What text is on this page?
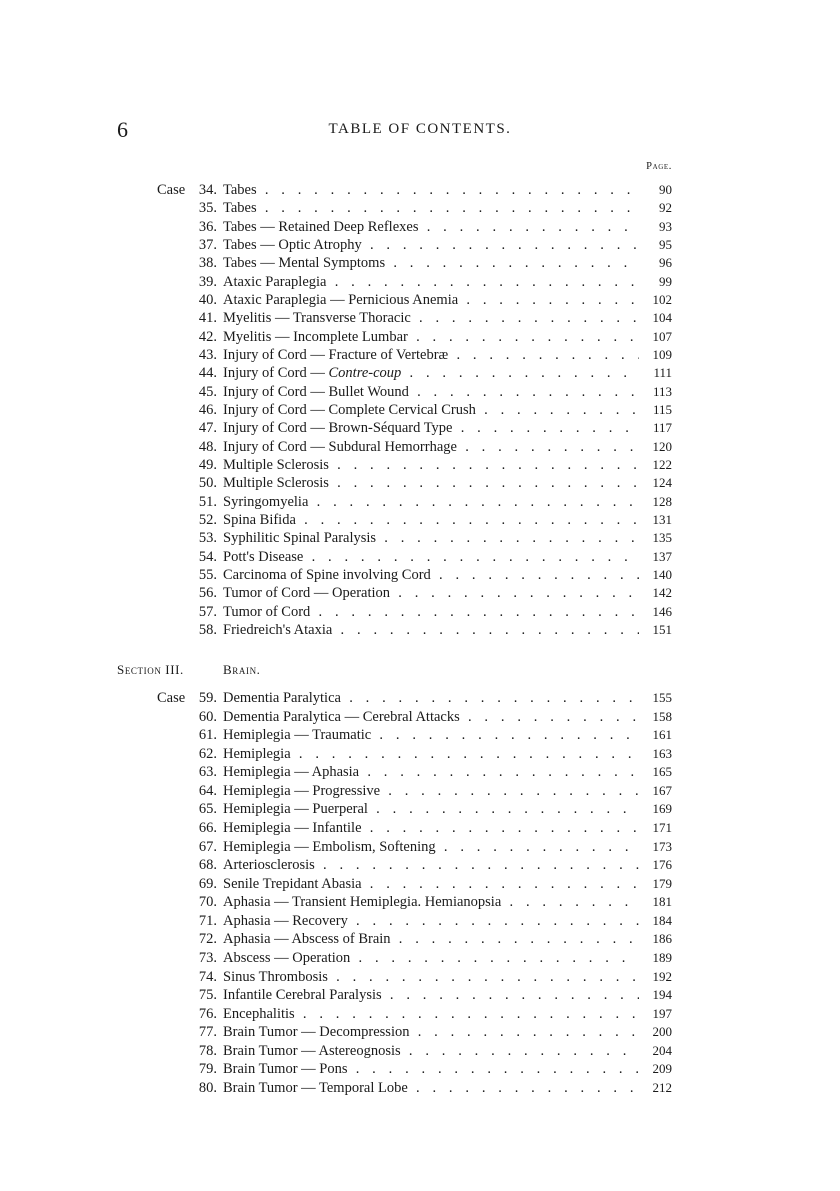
6	TABLE OF CONTENTS.
Page.
Case 34. Tabes . . .	90
35. Tabes . . .	92
36. Tabes — Retained Deep Reflexes . . .	93
37. Tabes — Optic Atrophy . . .	95
38. Tabes — Mental Symptoms . . .	96
39. Ataxic Paraplegia . . .	99
40. Ataxic Paraplegia — Pernicious Anemia . . .	102
41. Myelitis — Transverse Thoracic . . .	104
42. Myelitis — Incomplete Lumbar . . .	107
43. Injury of Cord — Fracture of Vertebræ . . .	109
44. Injury of Cord — Contre-coup . . .	111
45. Injury of Cord — Bullet Wound . . .	113
46. Injury of Cord — Complete Cervical Crush . . .	115
47. Injury of Cord — Brown-Séquard Type . . .	117
48. Injury of Cord — Subdural Hemorrhage . . .	120
49. Multiple Sclerosis . . .	122
50. Multiple Sclerosis . . .	124
51. Syringomyelia . . .	128
52. Spina Bifida . . .	131
53. Syphilitic Spinal Paralysis . . .	135
54. Pott's Disease . . .	137
55. Carcinoma of Spine involving Cord . . .	140
56. Tumor of Cord — Operation . . .	142
57. Tumor of Cord . . .	146
58. Friedreich's Ataxia . . .	151
Section III.	Brain.
Case 59. Dementia Paralytica . . .	155
60. Dementia Paralytica — Cerebral Attacks . . .	158
61. Hemiplegia — Traumatic . . .	161
62. Hemiplegia . . .	163
63. Hemiplegia — Aphasia . . .	165
64. Hemiplegia — Progressive . . .	167
65. Hemiplegia — Puerperal . . .	169
66. Hemiplegia — Infantile . . .	171
67. Hemiplegia — Embolism, Softening . . .	173
68. Arteriosclerosis . . .	176
69. Senile Trepidant Abasia . . .	179
70. Aphasia — Transient Hemiplegia. Hemianopsia . . .	181
71. Aphasia — Recovery . . .	184
72. Aphasia — Abscess of Brain . . .	186
73. Abscess — Operation . . .	189
74. Sinus Thrombosis . . .	192
75. Infantile Cerebral Paralysis . . .	194
76. Encephalitis . . .	197
77. Brain Tumor — Decompression . . .	200
78. Brain Tumor — Astereognosis . . .	204
79. Brain Tumor — Pons . . .	209
80. Brain Tumor — Temporal Lobe . . .	212
